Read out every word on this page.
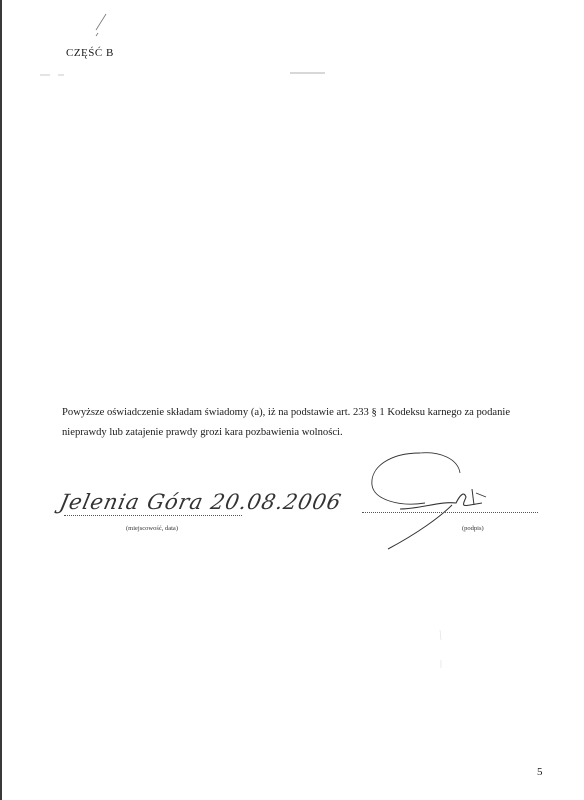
CZĘŚĆ B

Powyższe oświadczenie składam świadomy (a), iż na podstawie art. 233 § 1 Kodeksu karnego za podanie

nieprawdy lub zatajenie prawdy grozi kara pozbawienia wolności.

Jelenia Góra 20.08.2006
(miejscowość, data)	(podpis)
5
